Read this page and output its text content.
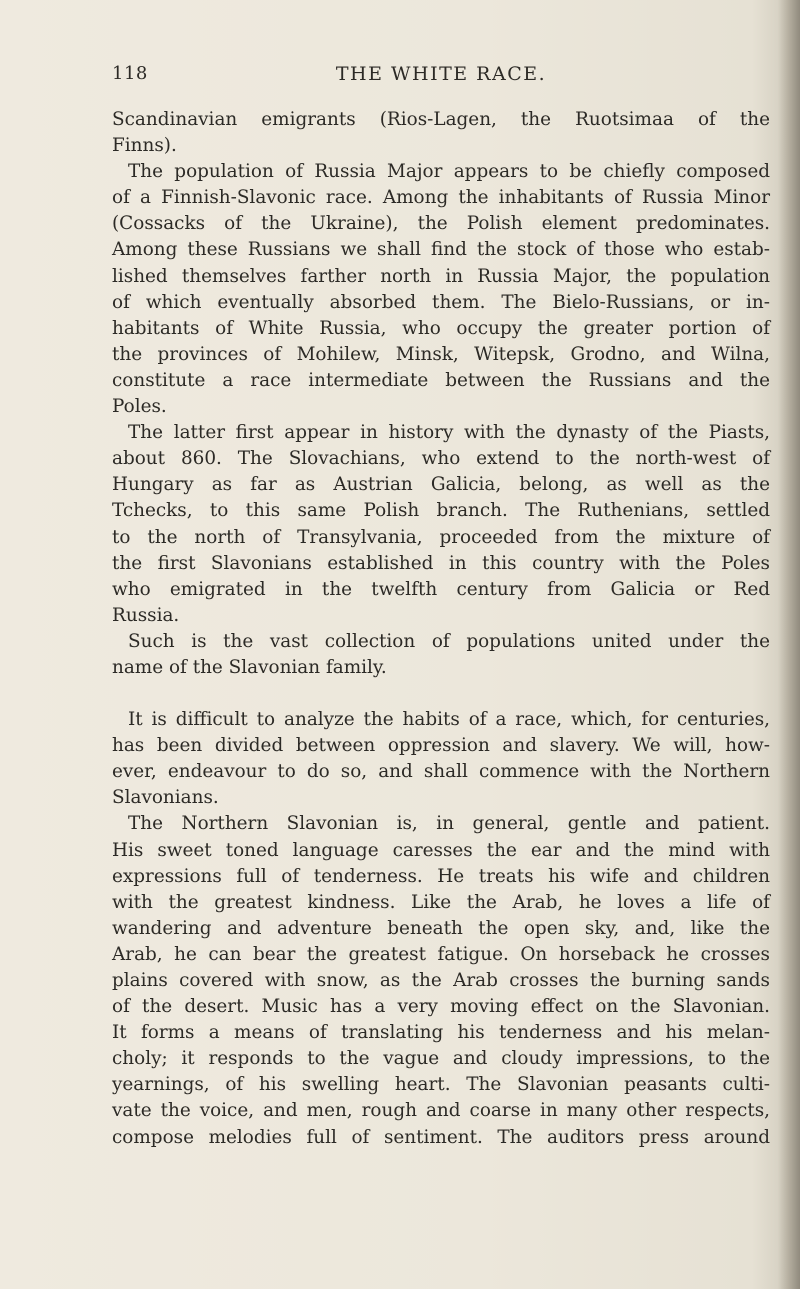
118	THE WHITE RACE.
Scandinavian emigrants (Rios-Lagen, the Ruotsimaa of the
Finns).
The population of Russia Major appears to be chiefly composed
of a Finnish-Slavonic race. Among the inhabitants of Russia Minor
(Cossacks of the Ukraine), the Polish element predominates.
Among these Russians we shall find the stock of those who estab-
lished themselves farther north in Russia Major, the population
of which eventually absorbed them. The Bielo-Russians, or in-
habitants of White Russia, who occupy the greater portion of
the provinces of Mohilew, Minsk, Witepsk, Grodno, and Wilna,
constitute a race intermediate between the Russians and the
Poles.
The latter first appear in history with the dynasty of the Piasts,
about 860. The Slovachians, who extend to the north-west of
Hungary as far as Austrian Galicia, belong, as well as the
Tchecks, to this same Polish branch. The Ruthenians, settled
to the north of Transylvania, proceeded from the mixture of
the first Slavonians established in this country with the Poles
who emigrated in the twelfth century from Galicia or Red
Russia.
Such is the vast collection of populations united under the
name of the Slavonian family.
It is difficult to analyze the habits of a race, which, for centuries,
has been divided between oppression and slavery. We will, how-
ever, endeavour to do so, and shall commence with the Northern
Slavonians.
The Northern Slavonian is, in general, gentle and patient.
His sweet toned language caresses the ear and the mind with
expressions full of tenderness. He treats his wife and children
with the greatest kindness. Like the Arab, he loves a life of
wandering and adventure beneath the open sky, and, like the
Arab, he can bear the greatest fatigue. On horseback he crosses
plains covered with snow, as the Arab crosses the burning sands
of the desert. Music has a very moving effect on the Slavonian.
It forms a means of translating his tenderness and his melan-
choly; it responds to the vague and cloudy impressions, to the
yearnings, of his swelling heart. The Slavonian peasants culti-
vate the voice, and men, rough and coarse in many other respects,
compose melodies full of sentiment. The auditors press around
